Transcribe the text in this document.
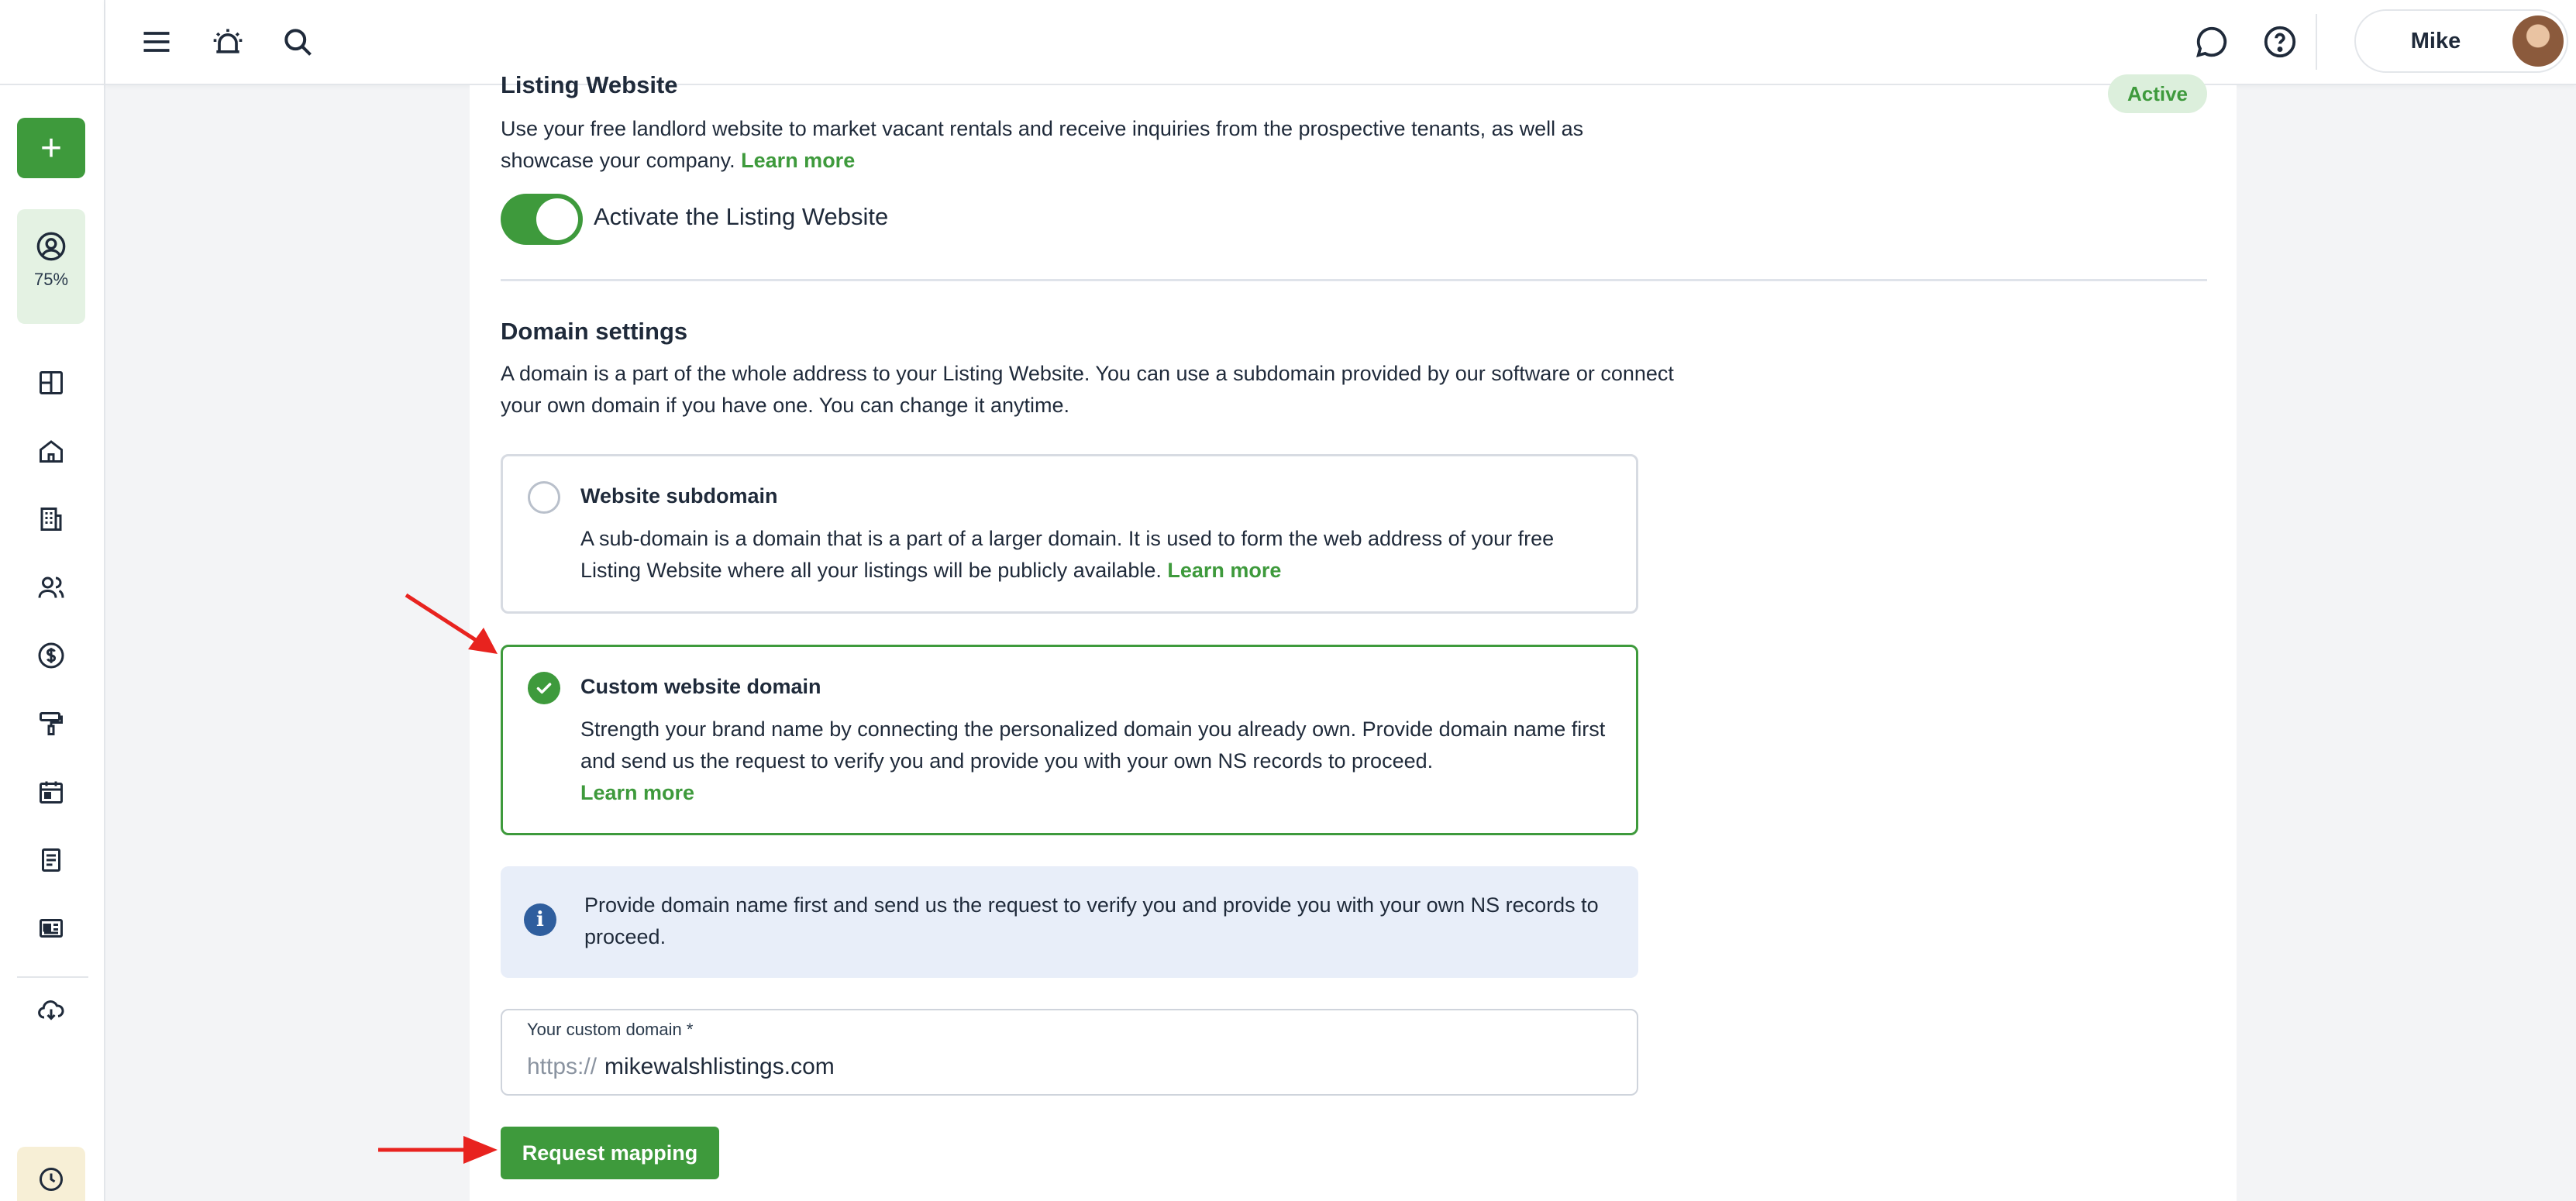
+
75%
Mike
Listing Website	Active

Use your free landlord website to market vacant rentals and receive inquiries from the prospective tenants, as well as showcase your company. Learn more

Activate the Listing Website
Domain settings

A domain is a part of the whole address to your Listing Website. You can use a subdomain provided by our software or connect your own domain if you have one. You can change it anytime.

Website subdomain

A sub-domain is a domain that is a part of a larger domain. It is used to form the web address of your free Listing Website where all your listings will be publicly available. Learn more

Custom website domain

Strength your brand name by connecting the personalized domain you already own. Provide domain name first and send us the request to verify you and provide you with your own NS records to proceed.
Learn more

i

Provide domain name first and send us the request to verify you and provide you with your own NS records to proceed.

Your custom domain *
https:// mikewalshlistings.com
Request mapping
